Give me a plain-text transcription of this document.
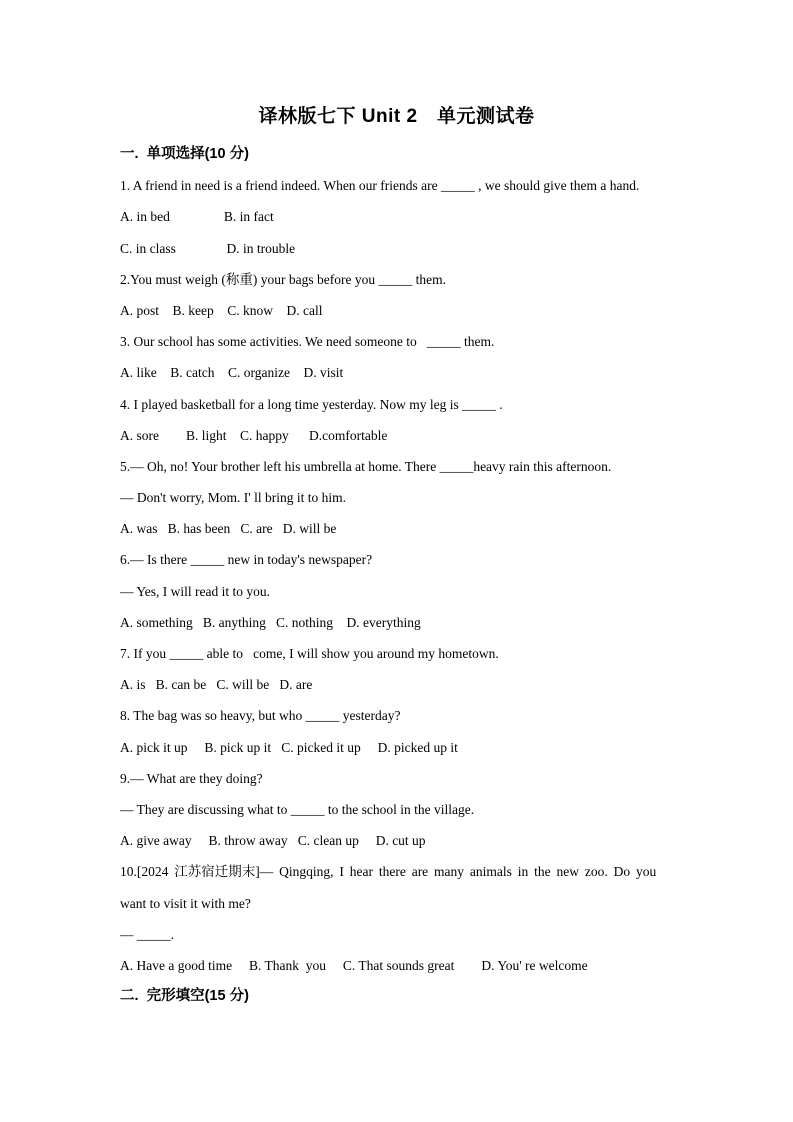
译林版七下 Unit 2　单元测试卷
一.  单项选择(10 分)
1. A friend in need is a friend indeed. When our friends are _____ , we should give them a hand.
A. in bed                B. in fact
C. in class               D. in trouble
2.You must weigh (称重) your bags before you _____ them.
A. post    B. keep    C. know    D. call
3. Our school has some activities. We need someone to   _____ them.
A. like    B. catch    C. organize    D. visit
4. I played basketball for a long time yesterday. Now my leg is _____ .
A. sore        B. light    C. happy      D.comfortable
5.— Oh, no! Your brother left his umbrella at home. There _____heavy rain this afternoon.
— Don't worry, Mom. I' ll bring it to him.
A. was   B. has been   C. are   D. will be
6.— Is there _____ new in today's newspaper?
— Yes, I will read it to you.
A. something   B. anything   C. nothing    D. everything
7. If you _____ able to   come, I will show you around my hometown.
A. is   B. can be   C. will be   D. are
8. The bag was so heavy, but who _____ yesterday?
A. pick it up     B. pick up it   C. picked it up     D. picked up it
9.— What are they doing?
— They are discussing what to _____ to the school in the village.
A. give away     B. throw away   C. clean up     D. cut up
10.[2024 江苏宿迁期末]— Qingqing, I hear there are many animals in the new zoo. Do you
want to visit it with me?
— _____.
A. Have a good time     B. Thank  you     C. That sounds great        D. You' re welcome
二.  完形填空(15 分)
